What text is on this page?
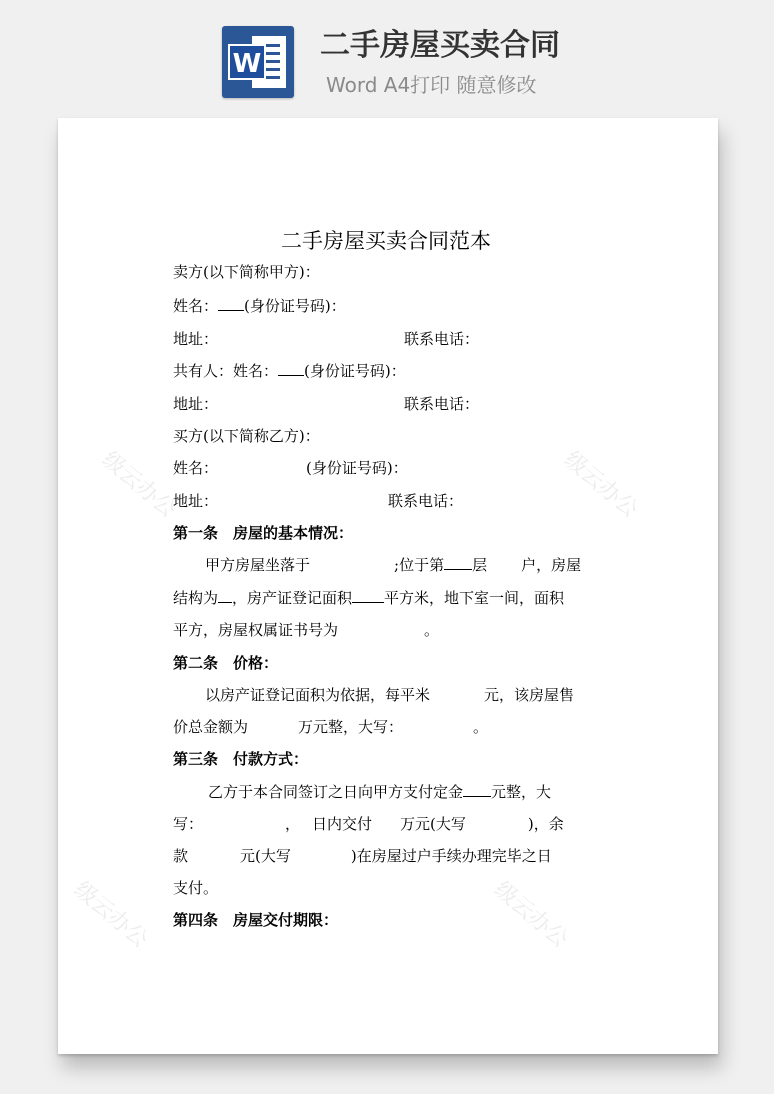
W
二手房屋买卖合同
Word A4打印 随意修改
级云办公	级云办公
级云办公	级云办公
二手房屋买卖合同范本
卖方(以下简称甲方)：
姓名： (身份证号码)：
地址：	联系电话：
共有人：姓名： (身份证号码)：
地址：	联系电话：
买方(以下简称乙方)：
姓名：	(身份证号码)：
地址：	联系电话：
第一条　房屋的基本情况：
甲方房屋坐落于	;位于第 层 户，房屋
结构为 ，房产证登记面积 平方米，地下室一间，面积
平方，房屋权属证书号为	。
第二条　价格：
以房产证登记面积为依据，每平米	元，该房屋售
价总金额为	万元整，大写：	。
第三条　付款方式：
乙方于本合同签订之日向甲方支付定金 元整，大
写：	， 日内交付 万元(大写	)，余
款	元(大写	)在房屋过户手续办理完毕之日
支付。
第四条　房屋交付期限：
